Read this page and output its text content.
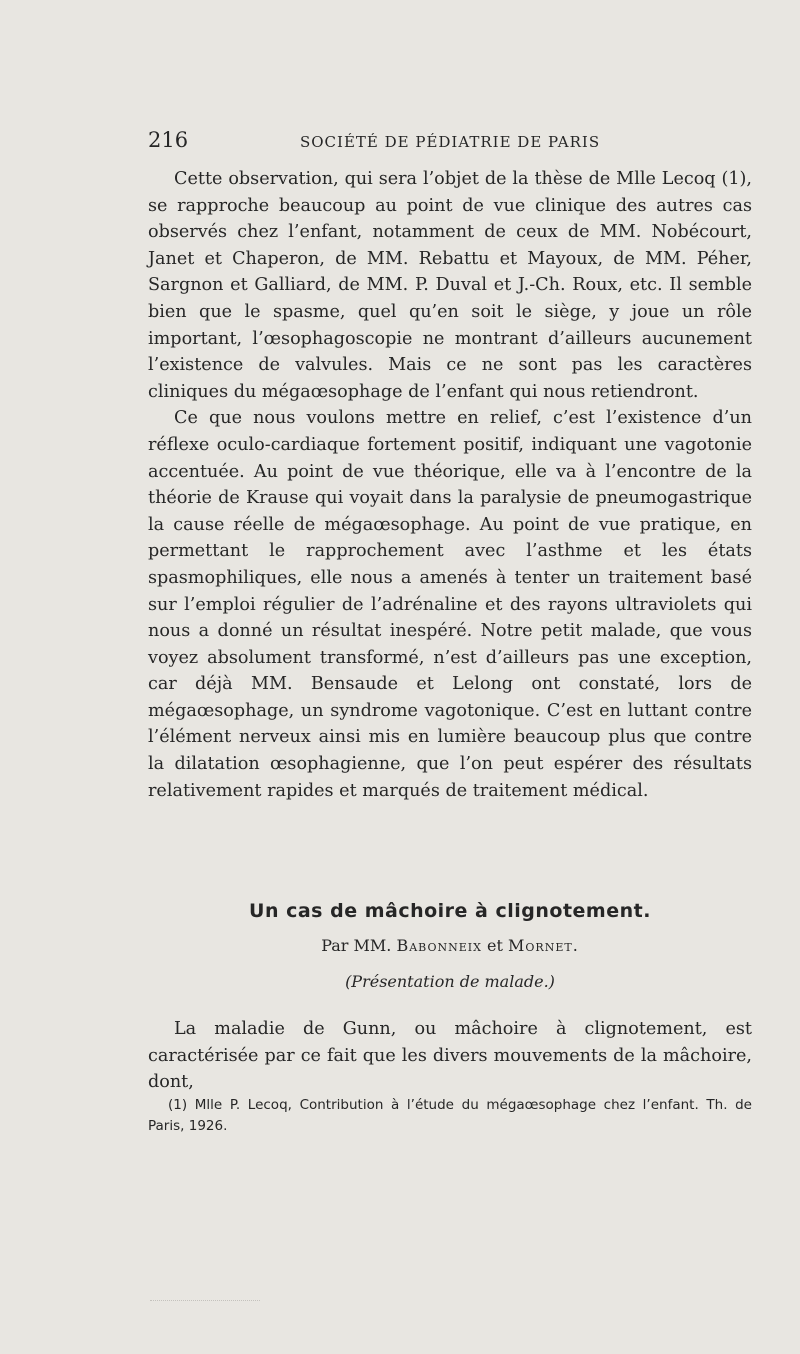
216	SOCIÉTÉ DE PÉDIATRIE DE PARIS

Cette observation, qui sera l’objet de la thèse de Mlle Lecoq (1), se rapproche beaucoup au point de vue clinique des autres cas observés chez l’enfant, notamment de ceux de MM. Nobécourt, Janet et Chaperon, de MM. Rebattu et Mayoux, de MM. Péher, Sargnon et Galliard, de MM. P. Duval et J.-Ch. Roux, etc. Il semble bien que le spasme, quel qu’en soit le siège, y joue un rôle important, l’œsophagoscopie ne montrant d’ailleurs aucunement l’existence de valvules. Mais ce ne sont pas les caractères cliniques du mégaœsophage de l’enfant qui nous retiendront.

Ce que nous voulons mettre en relief, c’est l’existence d’un réflexe oculo-cardiaque fortement positif, indiquant une vagotonie accentuée. Au point de vue théorique, elle va à l’encontre de la théorie de Krause qui voyait dans la paralysie de pneumogastrique la cause réelle de mégaœsophage. Au point de vue pratique, en permettant le rapprochement avec l’asthme et les états spasmophiliques, elle nous a amenés à tenter un traitement basé sur l’emploi régulier de l’adrénaline et des rayons ultraviolets qui nous a donné un résultat inespéré. Notre petit malade, que vous voyez absolument transformé, n’est d’ailleurs pas une exception, car déjà MM. Bensaude et Lelong ont constaté, lors de mégaœsophage, un syndrome vagotonique. C’est en luttant contre l’élément nerveux ainsi mis en lumière beaucoup plus que contre la dilatation œsophagienne, que l’on peut espérer des résultats relativement rapides et marqués de traitement médical.

Un cas de mâchoire à clignotement.
Par MM. Babonneix et Mornet.
(Présentation de malade.)

La maladie de Gunn, ou mâchoire à clignotement, est caractérisée par ce fait que les divers mouvements de la mâchoire, dont,

(1) Mlle P. Lecoq, Contribution à l’étude du mégaœsophage chez l’enfant. Th. de Paris, 1926.
